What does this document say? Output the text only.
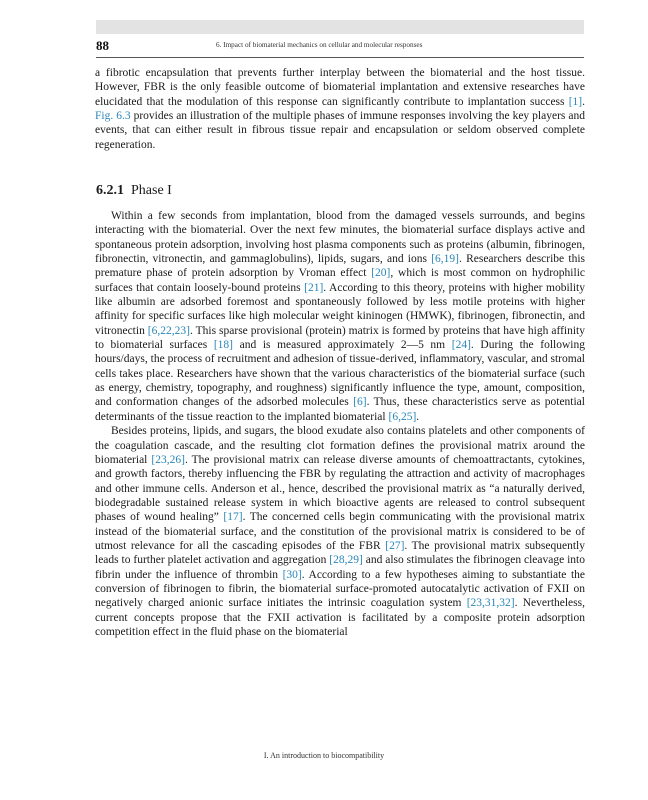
88	6. Impact of biomaterial mechanics on cellular and molecular responses

a fibrotic encapsulation that prevents further interplay between the biomaterial and the host tissue. However, FBR is the only feasible outcome of biomaterial implantation and extensive researches have elucidated that the modulation of this response can significantly contribute to implantation success [1]. Fig. 6.3 provides an illustration of the multiple phases of immune responses involving the key players and events, that can either result in fibrous tissue repair and encapsulation or seldom observed complete regeneration.

6.2.1 Phase I

Within a few seconds from implantation, blood from the damaged vessels surrounds, and begins interacting with the biomaterial. Over the next few minutes, the biomaterial surface displays active and spontaneous protein adsorption, involving host plasma components such as proteins (albumin, fibrinogen, fibronectin, vitronectin, and gammaglobulins), lipids, sugars, and ions [6,19]. Researchers describe this premature phase of protein adsorption by Vroman effect [20], which is most common on hydrophilic surfaces that contain loosely-bound proteins [21]. According to this theory, proteins with higher mobility like albumin are adsorbed foremost and spontaneously followed by less motile proteins with higher affinity for specific surfaces like high molecular weight kininogen (HMWK), fibrinogen, fibronectin, and vitronectin [6,22,23]. This sparse provisional (protein) matrix is formed by proteins that have high affinity to biomaterial surfaces [18] and is measured approximately 2—5 nm [24]. During the following hours/days, the process of recruitment and adhesion of tissue-derived, inflammatory, vascular, and stromal cells takes place. Researchers have shown that the various characteristics of the biomaterial surface (such as energy, chemistry, topography, and roughness) significantly influence the type, amount, composition, and conformation changes of the adsorbed molecules [6]. Thus, these characteristics serve as potential determinants of the tissue reaction to the implanted biomaterial [6,25].

Besides proteins, lipids, and sugars, the blood exudate also contains platelets and other components of the coagulation cascade, and the resulting clot formation defines the provisional matrix around the biomaterial [23,26]. The provisional matrix can release diverse amounts of chemoattractants, cytokines, and growth factors, thereby influencing the FBR by regulating the attraction and activity of macrophages and other immune cells. Anderson et al., hence, described the provisional matrix as “a naturally derived, biodegradable sustained release system in which bioactive agents are released to control subsequent phases of wound healing” [17]. The concerned cells begin communicating with the provisional matrix instead of the biomaterial surface, and the constitution of the provisional matrix is considered to be of utmost relevance for all the cascading episodes of the FBR [27]. The provisional matrix subsequently leads to further platelet activation and aggregation [28,29] and also stimulates the fibrinogen cleavage into fibrin under the influence of thrombin [30]. According to a few hypotheses aiming to substantiate the conversion of fibrinogen to fibrin, the biomaterial surface-promoted autocatalytic activation of FXII on negatively charged anionic surface initiates the intrinsic coagulation system [23,31,32]. Nevertheless, current concepts propose that the FXII activation is facilitated by a composite protein adsorption competition effect in the fluid phase on the biomaterial

I. An introduction to biocompatibility
